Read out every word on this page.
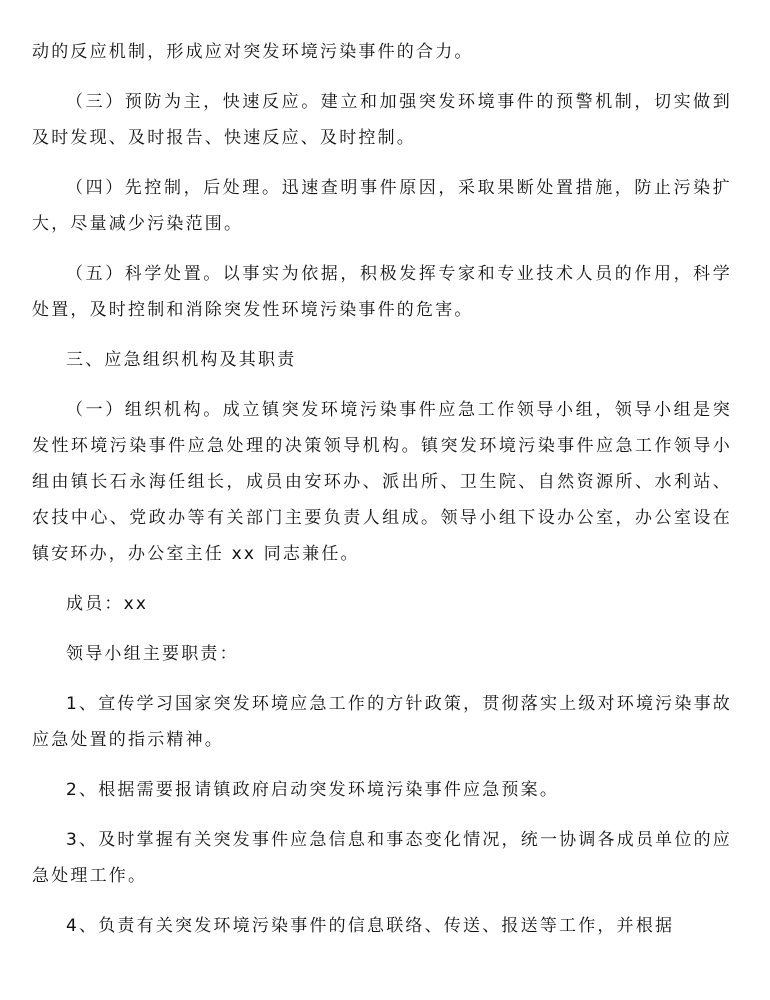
动的反应机制，形成应对突发环境污染事件的合力。

（三）预防为主，快速反应。建立和加强突发环境事件的预警机制，切实做到及时发现、及时报告、快速反应、及时控制。

（四）先控制，后处理。迅速查明事件原因，采取果断处置措施，防止污染扩大，尽量减少污染范围。

（五）科学处置。以事实为依据，积极发挥专家和专业技术人员的作用，科学处置，及时控制和消除突发性环境污染事件的危害。

三、应急组织机构及其职责

（一）组织机构。成立镇突发环境污染事件应急工作领导小组，领导小组是突发性环境污染事件应急处理的决策领导机构。镇突发环境污染事件应急工作领导小组由镇长石永海任组长，成员由安环办、派出所、卫生院、自然资源所、水利站、农技中心、党政办等有关部门主要负责人组成。领导小组下设办公室，办公室设在镇安环办，办公室主任 xx 同志兼任。

成员：xx

领导小组主要职责：

1、宣传学习国家突发环境应急工作的方针政策，贯彻落实上级对环境污染事故应急处置的指示精神。

2、根据需要报请镇政府启动突发环境污染事件应急预案。

3、及时掌握有关突发事件应急信息和事态变化情况，统一协调各成员单位的应急处理工作。

4、负责有关突发环境污染事件的信息联络、传送、报送等工作，并根据
